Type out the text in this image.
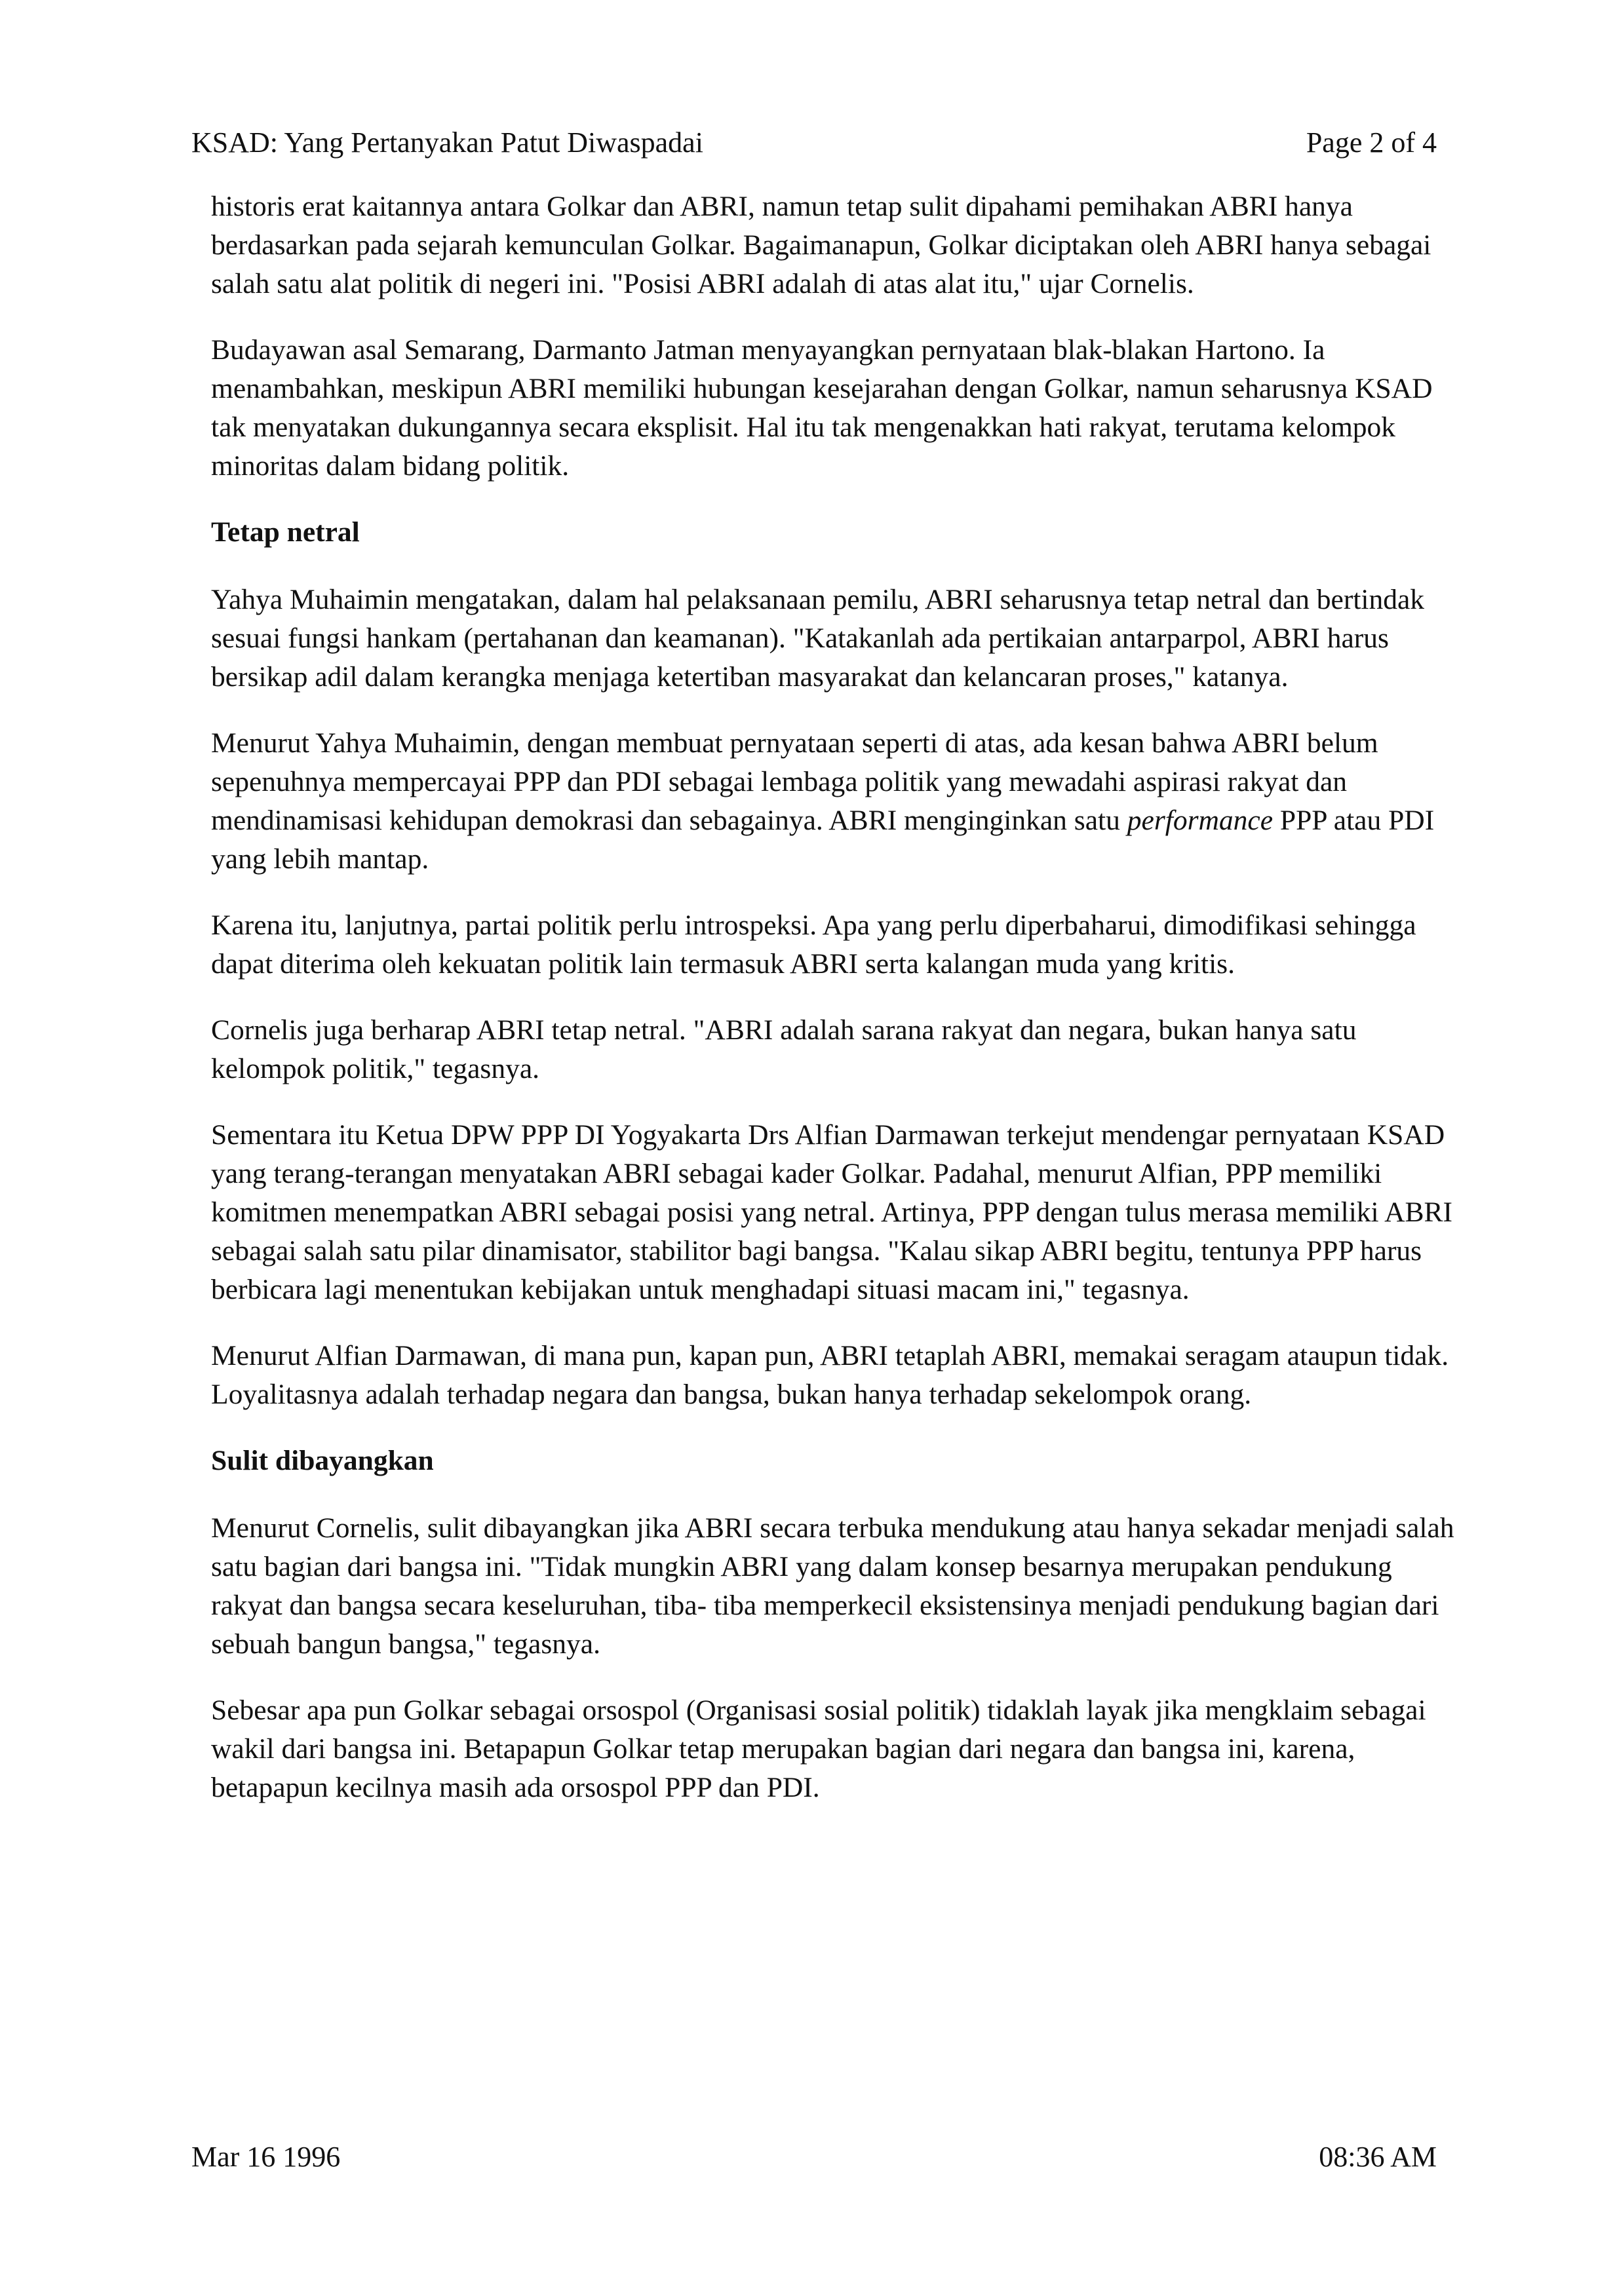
KSAD: Yang Pertanyakan Patut Diwaspadai	Page 2 of 4

historis erat kaitannya antara Golkar dan ABRI, namun tetap sulit dipahami pemihakan ABRI hanya berdasarkan pada sejarah kemunculan Golkar. Bagaimanapun, Golkar diciptakan oleh ABRI hanya sebagai salah satu alat politik di negeri ini. "Posisi ABRI adalah di atas alat itu," ujar Cornelis.

Budayawan asal Semarang, Darmanto Jatman menyayangkan pernyataan blak-blakan Hartono. Ia menambahkan, meskipun ABRI memiliki hubungan kesejarahan dengan Golkar, namun seharusnya KSAD tak menyatakan dukungannya secara eksplisit. Hal itu tak mengenakkan hati rakyat, terutama kelompok minoritas dalam bidang politik.

Tetap netral

Yahya Muhaimin mengatakan, dalam hal pelaksanaan pemilu, ABRI seharusnya tetap netral dan bertindak sesuai fungsi hankam (pertahanan dan keamanan). "Katakanlah ada pertikaian antarparpol, ABRI harus bersikap adil dalam kerangka menjaga ketertiban masyarakat dan kelancaran proses," katanya.

Menurut Yahya Muhaimin, dengan membuat pernyataan seperti di atas, ada kesan bahwa ABRI belum sepenuhnya mempercayai PPP dan PDI sebagai lembaga politik yang mewadahi aspirasi rakyat dan mendinamisasi kehidupan demokrasi dan sebagainya. ABRI menginginkan satu performance PPP atau PDI yang lebih mantap.

Karena itu, lanjutnya, partai politik perlu introspeksi. Apa yang perlu diperbaharui, dimodifikasi sehingga dapat diterima oleh kekuatan politik lain termasuk ABRI serta kalangan muda yang kritis.

Cornelis juga berharap ABRI tetap netral. "ABRI adalah sarana rakyat dan negara, bukan hanya satu kelompok politik," tegasnya.

Sementara itu Ketua DPW PPP DI Yogyakarta Drs Alfian Darmawan terkejut mendengar pernyataan KSAD yang terang-terangan menyatakan ABRI sebagai kader Golkar. Padahal, menurut Alfian, PPP memiliki komitmen menempatkan ABRI sebagai posisi yang netral. Artinya, PPP dengan tulus merasa memiliki ABRI sebagai salah satu pilar dinamisator, stabilitor bagi bangsa. "Kalau sikap ABRI begitu, tentunya PPP harus berbicara lagi menentukan kebijakan untuk menghadapi situasi macam ini," tegasnya.

Menurut Alfian Darmawan, di mana pun, kapan pun, ABRI tetaplah ABRI, memakai seragam ataupun tidak. Loyalitasnya adalah terhadap negara dan bangsa, bukan hanya terhadap sekelompok orang.

Sulit dibayangkan

Menurut Cornelis, sulit dibayangkan jika ABRI secara terbuka mendukung atau hanya sekadar menjadi salah satu bagian dari bangsa ini. "Tidak mungkin ABRI yang dalam konsep besarnya merupakan pendukung rakyat dan bangsa secara keseluruhan, tiba- tiba memperkecil eksistensinya menjadi pendukung bagian dari sebuah bangun bangsa," tegasnya.

Sebesar apa pun Golkar sebagai orsospol (Organisasi sosial politik) tidaklah layak jika mengklaim sebagai wakil dari bangsa ini. Betapapun Golkar tetap merupakan bagian dari negara dan bangsa ini, karena, betapapun kecilnya masih ada orsospol PPP dan PDI.

Mar 16 1996	08:36 AM
